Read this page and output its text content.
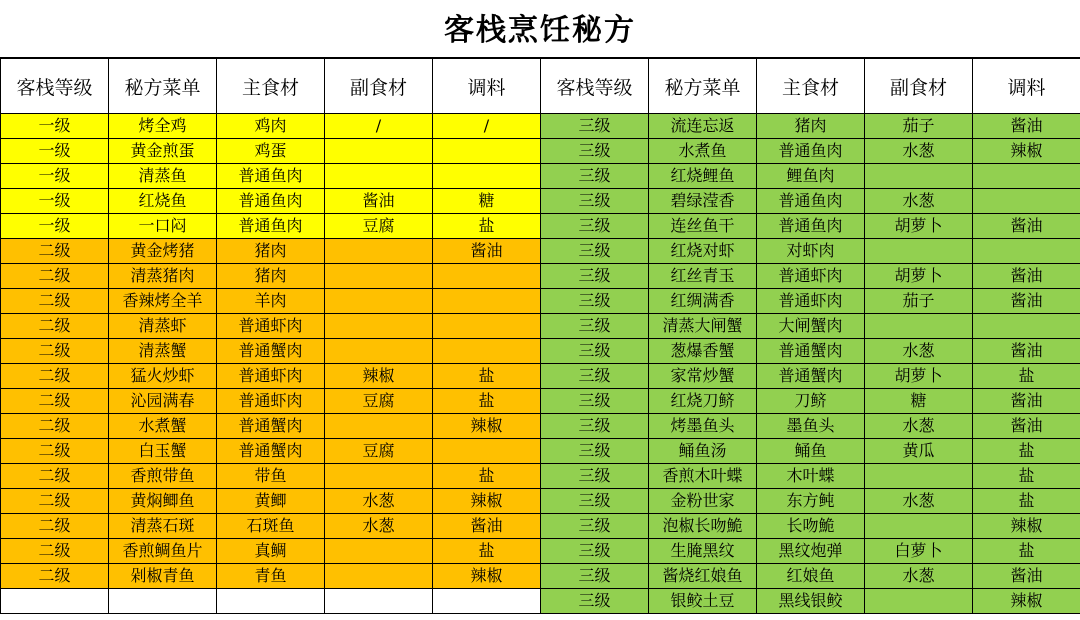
客栈烹饪秘方
客栈等级	秘方菜单	主食材	副食材	调料	客栈等级	秘方菜单	主食材	副食材	调料
一级	烤全鸡	鸡肉	/	/	三级	流连忘返	猪肉	茄子	酱油
一级	黄金煎蛋	鸡蛋			三级	水煮鱼	普通鱼肉	水葱	辣椒
一级	清蒸鱼	普通鱼肉			三级	红烧鲤鱼	鲤鱼肉		
一级	红烧鱼	普通鱼肉	酱油	糖	三级	碧绿滢香	普通鱼肉	水葱	
一级	一口闷	普通鱼肉	豆腐	盐	三级	连丝鱼干	普通鱼肉	胡萝卜	酱油
二级	黄金烤猪	猪肉		酱油	三级	红烧对虾	对虾肉		
二级	清蒸猪肉	猪肉			三级	红丝青玉	普通虾肉	胡萝卜	酱油
二级	香辣烤全羊	羊肉			三级	红绸满香	普通虾肉	茄子	酱油
二级	清蒸虾	普通虾肉			三级	清蒸大闸蟹	大闸蟹肉		
二级	清蒸蟹	普通蟹肉			三级	葱爆香蟹	普通蟹肉	水葱	酱油
二级	猛火炒虾	普通虾肉	辣椒	盐	三级	家常炒蟹	普通蟹肉	胡萝卜	盐
二级	沁园满春	普通虾肉	豆腐	盐	三级	红烧刀鲚	刀鲚	糖	酱油
二级	水煮蟹	普通蟹肉		辣椒	三级	烤墨鱼头	墨鱼头	水葱	酱油
二级	白玉蟹	普通蟹肉	豆腐		三级	鲬鱼汤	鲬鱼	黄瓜	盐
二级	香煎带鱼	带鱼		盐	三级	香煎木叶蝶	木叶蝶		盐
二级	黄焖鲫鱼	黄鲫	水葱	辣椒	三级	金粉世家	东方鲀	水葱	盐
二级	清蒸石斑	石斑鱼	水葱	酱油	三级	泡椒长吻鮠	长吻鮠		辣椒
二级	香煎鲷鱼片	真鲷		盐	三级	生腌黑纹	黑纹炮弹	白萝卜	盐
二级	剁椒青鱼	青鱼		辣椒	三级	酱烧红娘鱼	红娘鱼	水葱	酱油
					三级	银鲛土豆	黑线银鲛		辣椒
